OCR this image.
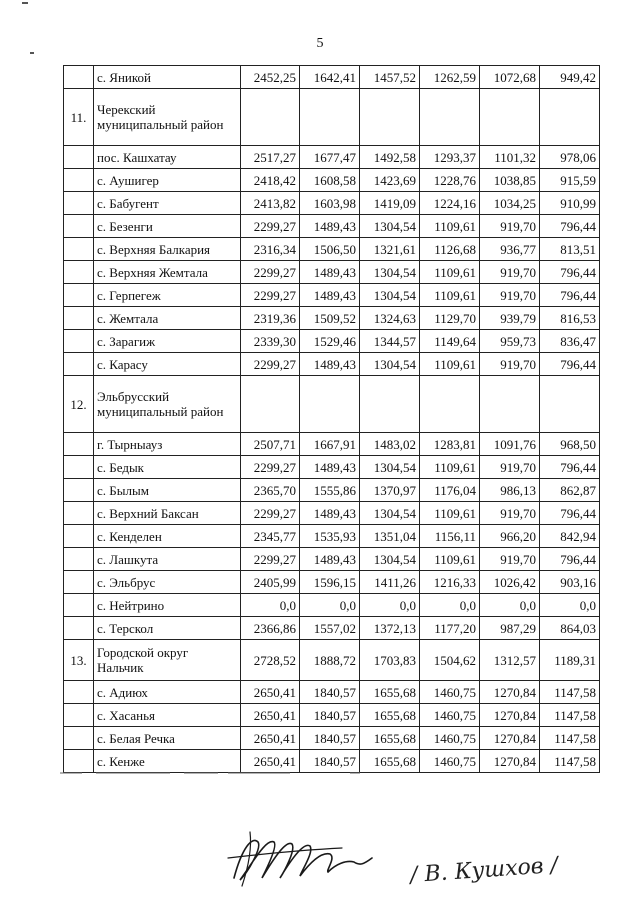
5
	с. Яникой	2452,25	1642,41	1457,52	1262,59	1072,68	949,42
11.	Черекский муниципальный район						
	пос. Кашхатау	2517,27	1677,47	1492,58	1293,37	1101,32	978,06
	с. Аушигер	2418,42	1608,58	1423,69	1228,76	1038,85	915,59
	с. Бабугент	2413,82	1603,98	1419,09	1224,16	1034,25	910,99
	с. Безенги	2299,27	1489,43	1304,54	1109,61	919,70	796,44
	с. Верхняя Балкария	2316,34	1506,50	1321,61	1126,68	936,77	813,51
	с. Верхняя Жемтала	2299,27	1489,43	1304,54	1109,61	919,70	796,44
	с. Герпегеж	2299,27	1489,43	1304,54	1109,61	919,70	796,44
	с. Жемтала	2319,36	1509,52	1324,63	1129,70	939,79	816,53
	с. Зарагиж	2339,30	1529,46	1344,57	1149,64	959,73	836,47
	с. Карасу	2299,27	1489,43	1304,54	1109,61	919,70	796,44
12.	Эльбрусский муниципальный район						
	г. Тырныауз	2507,71	1667,91	1483,02	1283,81	1091,76	968,50
	с. Бедык	2299,27	1489,43	1304,54	1109,61	919,70	796,44
	с. Былым	2365,70	1555,86	1370,97	1176,04	986,13	862,87
	с. Верхний Баксан	2299,27	1489,43	1304,54	1109,61	919,70	796,44
	с. Кенделен	2345,77	1535,93	1351,04	1156,11	966,20	842,94
	с. Лашкута	2299,27	1489,43	1304,54	1109,61	919,70	796,44
	с. Эльбрус	2405,99	1596,15	1411,26	1216,33	1026,42	903,16
	с. Нейтрино	0,0	0,0	0,0	0,0	0,0	0,0
	с. Терскол	2366,86	1557,02	1372,13	1177,20	987,29	864,03
13.	Городской округ Нальчик	2728,52	1888,72	1703,83	1504,62	1312,57	1189,31
	с. Адиюх	2650,41	1840,57	1655,68	1460,75	1270,84	1147,58
	с. Хасанья	2650,41	1840,57	1655,68	1460,75	1270,84	1147,58
	с. Белая Речка	2650,41	1840,57	1655,68	1460,75	1270,84	1147,58
	с. Кенже	2650,41	1840,57	1655,68	1460,75	1270,84	1147,58
/ В. Кушхов /
